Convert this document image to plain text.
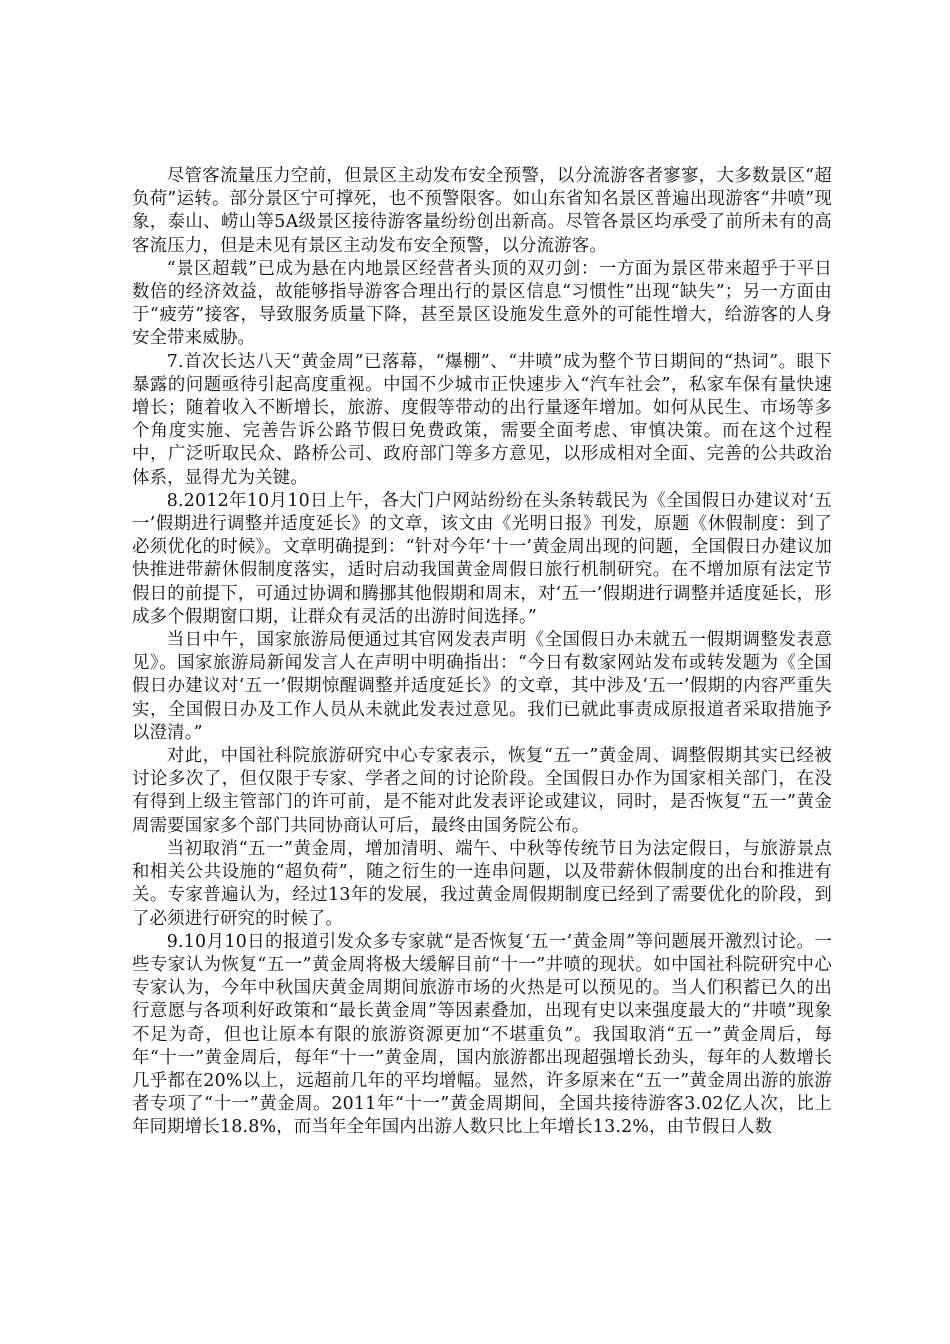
尽管客流量压力空前，但景区主动发布安全预警，以分流游客者寥寥，大多数景区“超负荷”运转。部分景区宁可撑死，也不预警限客。如山东省知名景区普遍出现游客“井喷”现象，泰山、崂山等5A级景区接待游客量纷纷创出新高。尽管各景区均承受了前所未有的高客流压力，但是未见有景区主动发布安全预警，以分流游客。

“景区超载”已成为悬在内地景区经营者头顶的双刃剑：一方面为景区带来超乎于平日数倍的经济效益，故能够指导游客合理出行的景区信息“习惯性”出现“缺失”；另一方面由于“疲劳”接客，导致服务质量下降，甚至景区设施发生意外的可能性增大，给游客的人身安全带来威胁。

7.首次长达八天“黄金周”已落幕，“爆棚”、“井喷”成为整个节日期间的“热词”。眼下暴露的问题亟待引起高度重视。中国不少城市正快速步入“汽车社会”，私家车保有量快速增长；随着收入不断增长，旅游、度假等带动的出行量逐年增加。如何从民生、市场等多个角度实施、完善告诉公路节假日免费政策，需要全面考虑、审慎决策。而在这个过程中，广泛听取民众、路桥公司、政府部门等多方意见，以形成相对全面、完善的公共政治体系，显得尤为关键。

8.2012年10月10日上午，各大门户网站纷纷在头条转载民为《全国假日办建议对‘五一’假期进行调整并适度延长》的文章，该文由《光明日报》刊发，原题《休假制度：到了必须优化的时候》。文章明确提到：“针对今年‘十一’黄金周出现的问题，全国假日办建议加快推进带薪休假制度落实，适时启动我国黄金周假日旅行机制研究。在不增加原有法定节假日的前提下，可通过协调和腾挪其他假期和周末，对‘五一’假期进行调整并适度延长，形成多个假期窗口期，让群众有灵活的出游时间选择。”

当日中午，国家旅游局便通过其官网发表声明《全国假日办未就五一假期调整发表意见》。国家旅游局新闻发言人在声明中明确指出：“今日有数家网站发布或转发题为《全国假日办建议对‘五一’假期惊醒调整并适度延长》的文章，其中涉及‘五一’假期的内容严重失实，全国假日办及工作人员从未就此发表过意见。我们已就此事责成原报道者采取措施予以澄清。”

对此，中国社科院旅游研究中心专家表示，恢复“五一”黄金周、调整假期其实已经被讨论多次了，但仅限于专家、学者之间的讨论阶段。全国假日办作为国家相关部门，在没有得到上级主管部门的许可前，是不能对此发表评论或建议，同时，是否恢复“五一”黄金周需要国家多个部门共同协商认可后，最终由国务院公布。

当初取消“五一”黄金周，增加清明、端午、中秋等传统节日为法定假日，与旅游景点和相关公共设施的“超负荷”，随之衍生的一连串问题，以及带薪休假制度的出台和推进有关。专家普遍认为，经过13年的发展，我过黄金周假期制度已经到了需要优化的阶段，到了必须进行研究的时候了。

9.10月10日的报道引发众多专家就“是否恢复‘五一’黄金周”等问题展开激烈讨论。一些专家认为恢复“五一”黄金周将极大缓解目前“十一”井喷的现状。如中国社科院研究中心专家认为，今年中秋国庆黄金周期间旅游市场的火热是可以预见的。当人们积蓄已久的出行意愿与各项利好政策和“最长黄金周”等因素叠加，出现有史以来强度最大的“井喷”现象不足为奇，但也让原本有限的旅游资源更加“不堪重负”。我国取消“五一”黄金周后，每年“十一”黄金周后，每年“十一”黄金周，国内旅游都出现超强增长劲头，每年的人数增长几乎都在20%以上，远超前几年的平均增幅。显然，许多原来在“五一”黄金周出游的旅游者专项了“十一”黄金周。2011年“十一”黄金周期间，全国共接待游客3.02亿人次，比上年同期增长18.8%，而当年全年国内出游人数只比上年增长13.2%，由节假日人数
